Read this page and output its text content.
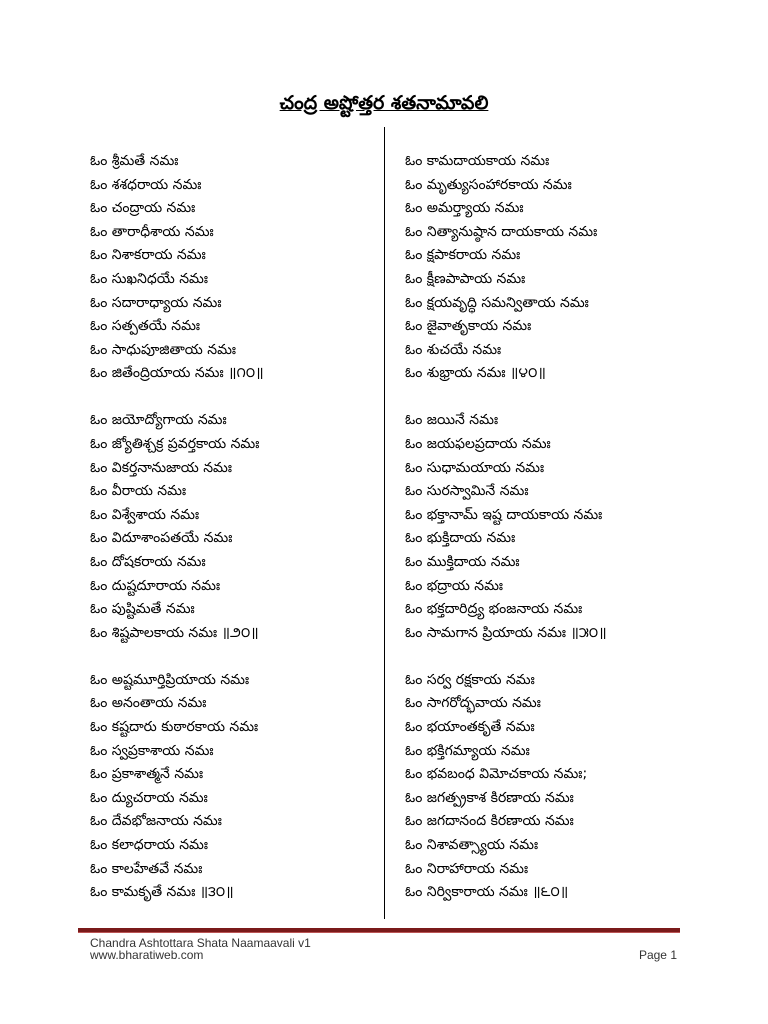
చంద్ర అష్టోత్తర శతనామావలి
ఓం శ్రీమతే నమః
ఓం శశధరాయ నమః
ఓం చంద్రాయ నమః
ఓం తారాధీశాయ నమః
ఓం నిశాకరాయ నమః
ఓం సుఖనిధయే నమః
ఓం సదారాధ్యాయ నమః
ఓం సత్పతయే నమః
ఓం సాధుపూజితాయ నమః
ఓం జితేంద్రియాయ నమః ॥౧౦॥
ఓం జయోద్యోగాయ నమః
ఓం జ్యోతిశ్చక్ర ప్రవర్తకాయ నమః
ఓం వికర్తనానుజాయ నమః
ఓం వీరాయ నమః
ఓం విశ్వేశాయ నమః
ఓం విదూశాంపతయే నమః
ఓం దోషకరాయ నమః
ఓం దుష్టదూరాయ నమః
ఓం పుష్టిమతే నమః
ఓం శిష్టపాలకాయ నమః ॥౨౦॥
ఓం అష్టమూర్తిప్రియాయ నమః
ఓం అనంతాయ నమః
ఓం కష్టదారు కుఠారకాయ నమః
ఓం స్వప్రకాశాయ నమః
ఓం ప్రకాశాత్మనే నమః
ఓం ద్యుచరాయ నమః
ఓం దేవభోజనాయ నమః
ఓం కలాధరాయ నమః
ఓం కాలహేతవే నమః
ఓం కామకృతే నమః ॥౩౦॥
ఓం కామదాయకాయ నమః
ఓం మృత్యుసంహారకాయ నమః
ఓం అమర్త్యాయ నమః
ఓం నిత్యానుష్ఠాన దాయకాయ నమః
ఓం క్షపాకరాయ నమః
ఓం క్షీణపాపాయ నమః
ఓం క్షయవృద్ధి సమన్వితాయ నమః
ఓం జైవాతృకాయ నమః
ఓం శుచయే నమః
ఓం శుభ్రాయ నమః ॥౪౦॥
ఓం జయినే నమః
ఓం జయఫలప్రదాయ నమః
ఓం సుధామయాయ నమః
ఓం సురస్వామినే నమః
ఓం భక్తానామ్ ఇష్ట దాయకాయ నమః
ఓం భుక్తిదాయ నమః
ఓం ముక్తిదాయ నమః
ఓం భద్రాయ నమః
ఓం భక్తదారిద్ర్య భంజనాయ నమః
ఓం సామగాన ప్రియాయ నమః ॥౫౦॥
ఓం సర్వ రక్షకాయ నమః
ఓం సాగరోద్భవాయ నమః
ఓం భయాంతకృతే నమః
ఓం భక్తిగమ్యాయ నమః
ఓం భవబంధ విమోచకాయ నమః;
ఓం జగత్ప్రకాశ కిరణాయ నమః
ఓం జగదానంద కిరణాయ నమః
ఓం నిశావత్స్యాయ నమః
ఓం నిరాహారాయ నమః
ఓం నిర్వికారాయ నమః ॥౬౦॥
Chandra Ashtottara Shata Naamaavali v1
www.bharatiweb.com	Page 1
